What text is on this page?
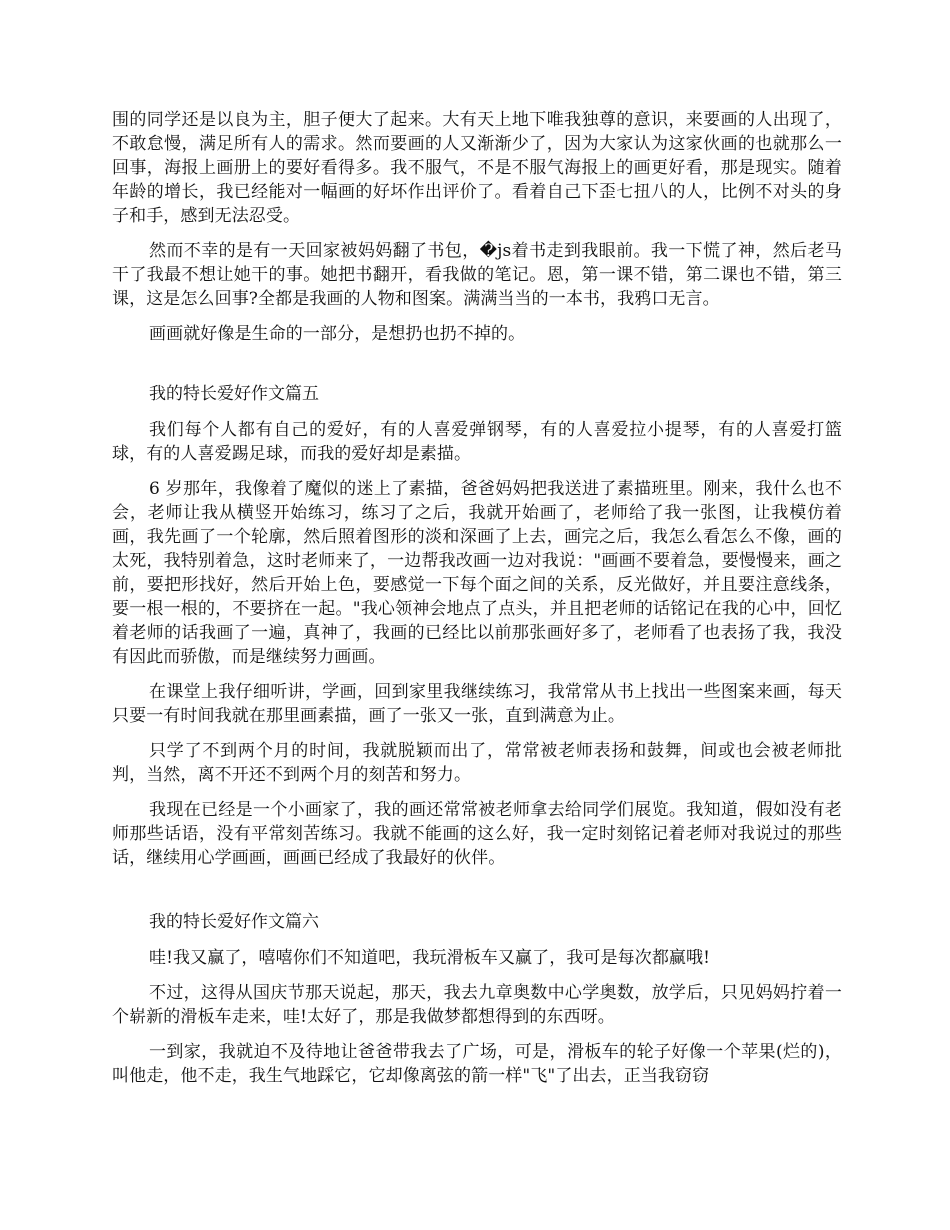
围的同学还是以良为主，胆子便大了起来。大有天上地下唯我独尊的意识，来要画的人出现了，不敢怠慢，满足所有人的需求。然而要画的人又渐渐少了，因为大家认为这家伙画的也就那么一回事，海报上画册上的要好看得多。我不服气，不是不服气海报上的画更好看，那是现实。随着年龄的增长，我已经能对一幅画的好坏作出评价了。看着自己下歪七扭八的人，比例不对头的身子和手，感到无法忍受。

然而不幸的是有一天回家被妈妈翻了书包，�js着书走到我眼前。我一下慌了神，然后老马干了我最不想让她干的事。她把书翻开，看我做的笔记。恩，第一课不错，第二课也不错，第三课，这是怎么回事?全都是我画的人物和图案。满满当当的一本书，我鸦口无言。

画画就好像是生命的一部分，是想扔也扔不掉的。

我的特长爱好作文篇五

我们每个人都有自己的爱好，有的人喜爱弹钢琴，有的人喜爱拉小提琴，有的人喜爱打篮球，有的人喜爱踢足球，而我的爱好却是素描。

6 岁那年，我像着了魔似的迷上了素描，爸爸妈妈把我送进了素描班里。刚来，我什么也不会，老师让我从横竖开始练习，练习了之后，我就开始画了，老师给了我一张图，让我模仿着画，我先画了一个轮廓，然后照着图形的淡和深画了上去，画完之后，我怎么看怎么不像，画的太死，我特别着急，这时老师来了，一边帮我改画一边对我说："画画不要着急，要慢慢来，画之前，要把形找好，然后开始上色，要感觉一下每个面之间的关系，反光做好，并且要注意线条，要一根一根的，不要挤在一起。"我心领神会地点了点头，并且把老师的话铭记在我的心中，回忆着老师的话我画了一遍，真神了，我画的已经比以前那张画好多了，老师看了也表扬了我，我没有因此而骄傲，而是继续努力画画。

在课堂上我仔细听讲，学画，回到家里我继续练习，我常常从书上找出一些图案来画，每天只要一有时间我就在那里画素描，画了一张又一张，直到满意为止。

只学了不到两个月的时间，我就脱颖而出了，常常被老师表扬和鼓舞，间或也会被老师批判，当然，离不开还不到两个月的刻苦和努力。

我现在已经是一个小画家了，我的画还常常被老师拿去给同学们展览。我知道，假如没有老师那些话语，没有平常刻苦练习。我就不能画的这么好，我一定时刻铭记着老师对我说过的那些话，继续用心学画画，画画已经成了我最好的伙伴。

我的特长爱好作文篇六

哇!我又赢了，嘻嘻你们不知道吧，我玩滑板车又赢了，我可是每次都赢哦!

不过，这得从国庆节那天说起，那天，我去九章奥数中心学奥数，放学后，只见妈妈拧着一个崭新的滑板车走来，哇!太好了，那是我做梦都想得到的东西呀。

一到家，我就迫不及待地让爸爸带我去了广场，可是，滑板车的轮子好像一个苹果(烂的)，叫他走，他不走，我生气地踩它，它却像离弦的箭一样"飞"了出去，正当我窃窃
